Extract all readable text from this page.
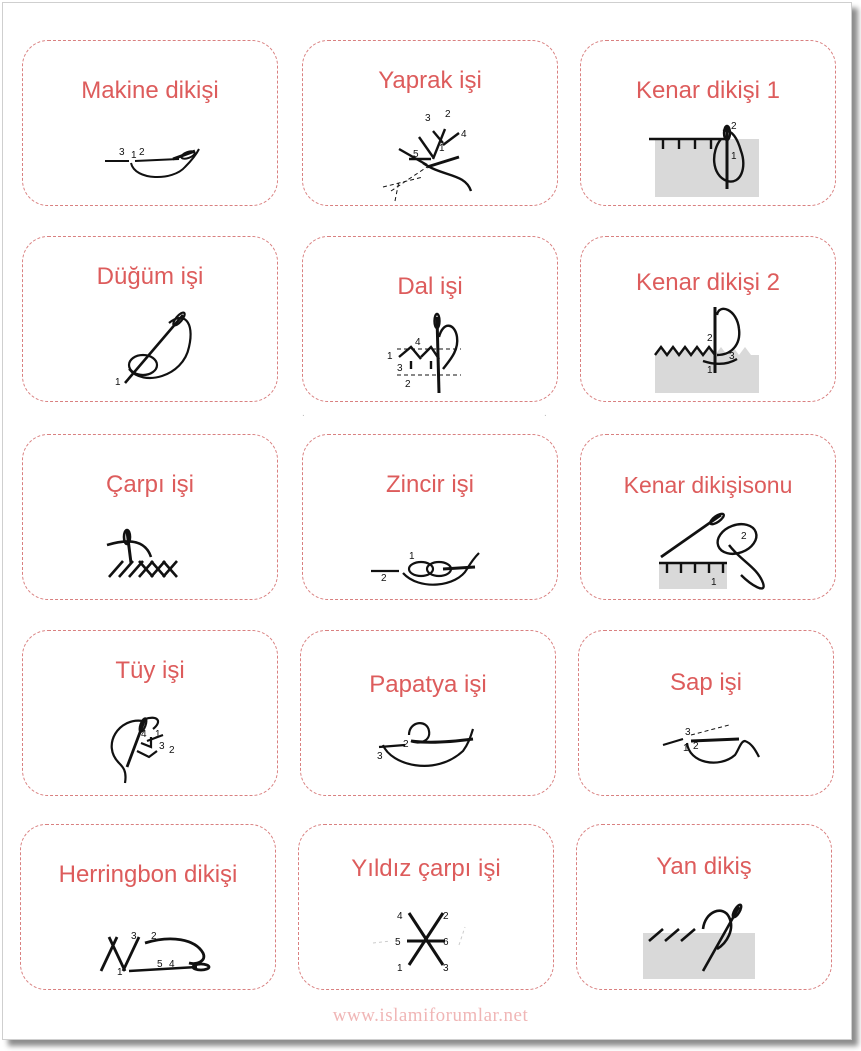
Makine dikişi
3 1 2
Yaprak işi
3 2
4
1
5
Kenar dikişi 1
2
1
Düğüm işi
1
Dal işi
1
4
3
2
Kenar dikişi 2
2
3
1
Çarpı işi	Zincir işi
1
2
Kenar dikişisonu
2
1
Tüy işi
4 1
3 2
Papatya işi
2
3
Sap işi
3
1 2
Herringbon dikişi
3 2
1
5 4
Yıldız çarpı işi
4	2
5	6
1	3
Yan dikiş
.	.
www.islamiforumlar.net
